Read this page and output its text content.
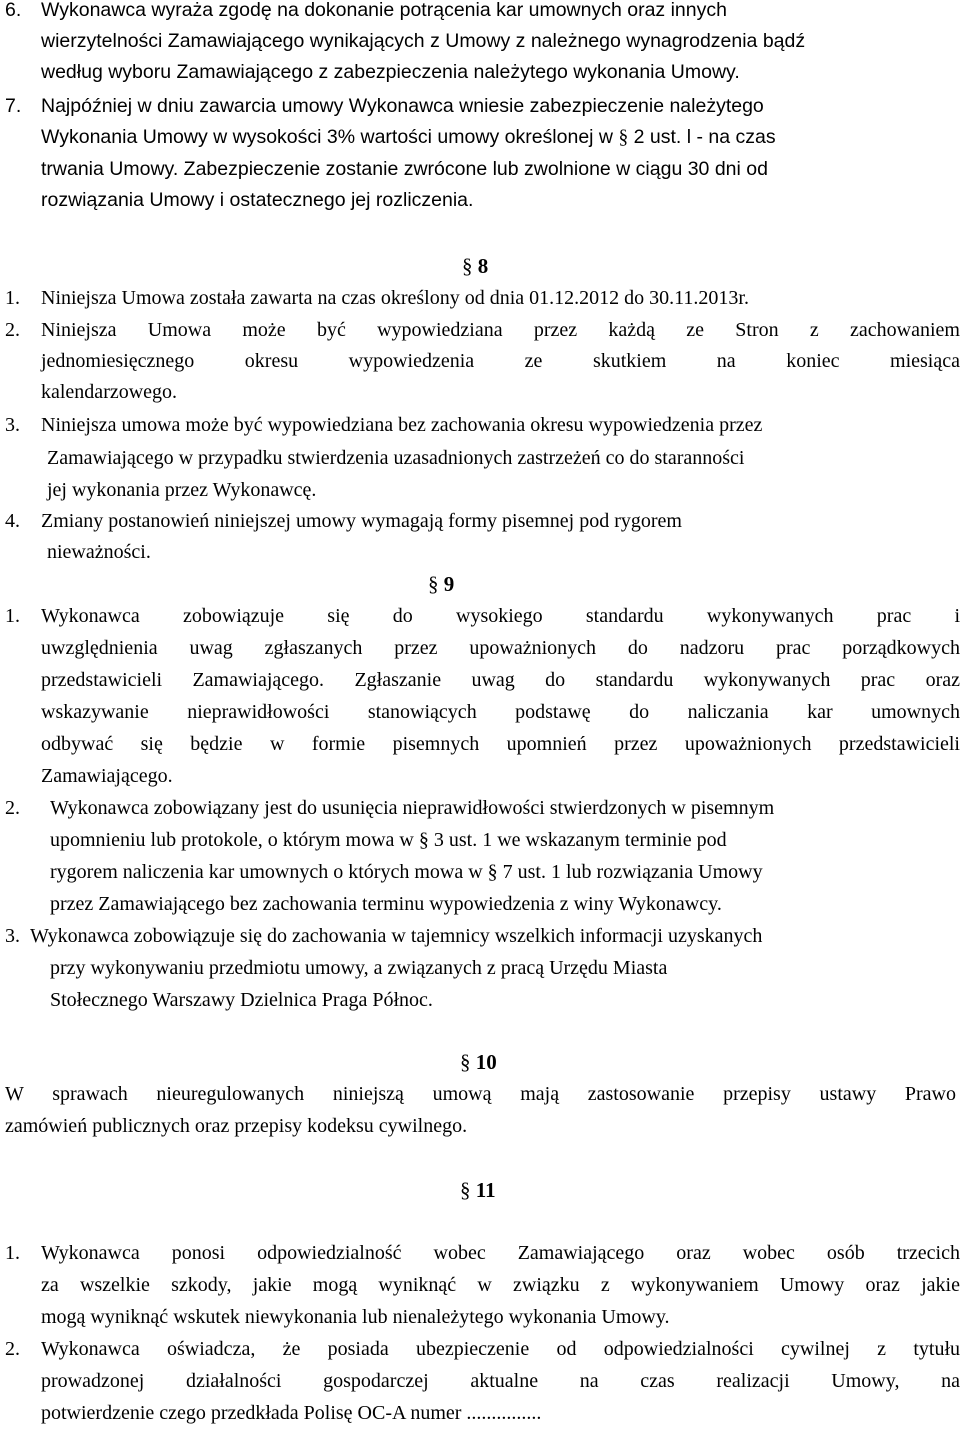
6. Wykonawca wyraża zgodę na dokonanie potrącenia kar umownych oraz innych
wierzytelności Zamawiającego wynikających z Umowy z należnego wynagrodzenia bądź
według wyboru Zamawiającego z zabezpieczenia należytego wykonania Umowy.
7. Najpóźniej w dniu zawarcia umowy Wykonawca wniesie zabezpieczenie należytego
Wykonania Umowy w wysokości 3% wartości umowy określonej w § 2 ust. l - na czas
trwania Umowy. Zabezpieczenie zostanie zwrócone lub zwolnione w ciągu 30 dni od
rozwiązania Umowy i ostatecznego jej rozliczenia.
§ 8
1. Niniejsza Umowa została zawarta na czas określony od dnia 01.12.2012 do 30.11.2013r.
2. Niniejsza Umowa może być wypowiedziana przez każdą ze Stron z zachowaniem
jednomiesięcznego okresu wypowiedzenia ze skutkiem na koniec miesiąca
kalendarzowego.
3. Niniejsza umowa może być wypowiedziana bez zachowania okresu wypowiedzenia przez
Zamawiającego w przypadku stwierdzenia uzasadnionych zastrzeżeń co do staranności
jej wykonania przez Wykonawcę.
4. Zmiany postanowień niniejszej umowy wymagają formy pisemnej pod rygorem
nieważności.
§ 9
1. Wykonawca zobowiązuje się do wysokiego standardu wykonywanych prac i
uwzględnienia uwag zgłaszanych przez upoważnionych do nadzoru prac porządkowych
przedstawicieli Zamawiającego. Zgłaszanie uwag do standardu wykonywanych prac oraz
wskazywanie nieprawidłowości stanowiących podstawę do naliczania kar umownych
odbywać się będzie w formie pisemnych upomnień przez upoważnionych przedstawicieli
Zamawiającego.
2. Wykonawca zobowiązany jest do usunięcia nieprawidłowości stwierdzonych w pisemnym
upomnieniu lub protokole, o którym mowa w § 3 ust. 1 we wskazanym terminie pod
rygorem naliczenia kar umownych o których mowa w § 7 ust. 1 lub rozwiązania Umowy
przez Zamawiającego bez zachowania terminu wypowiedzenia z winy Wykonawcy.
3. Wykonawca zobowiązuje się do zachowania w tajemnicy wszelkich informacji uzyskanych
przy wykonywaniu przedmiotu umowy, a związanych z pracą Urzędu Miasta
Stołecznego Warszawy Dzielnica Praga Północ.
§ 10
W sprawach nieuregulowanych niniejszą umową mają zastosowanie przepisy ustawy Prawo
zamówień publicznych oraz przepisy kodeksu cywilnego.
§ 11
1. Wykonawca ponosi odpowiedzialność wobec Zamawiającego oraz wobec osób trzecich
za wszelkie szkody, jakie mogą wyniknąć w związku z wykonywaniem Umowy oraz jakie
mogą wyniknąć wskutek niewykonania lub nienależytego wykonania Umowy.
2. Wykonawca oświadcza, że posiada ubezpieczenie od odpowiedzialności cywilnej z tytułu
prowadzonej działalności gospodarczej aktualne na czas realizacji Umowy, na
potwierdzenie czego przedkłada Polisę OC-A numer ...............
